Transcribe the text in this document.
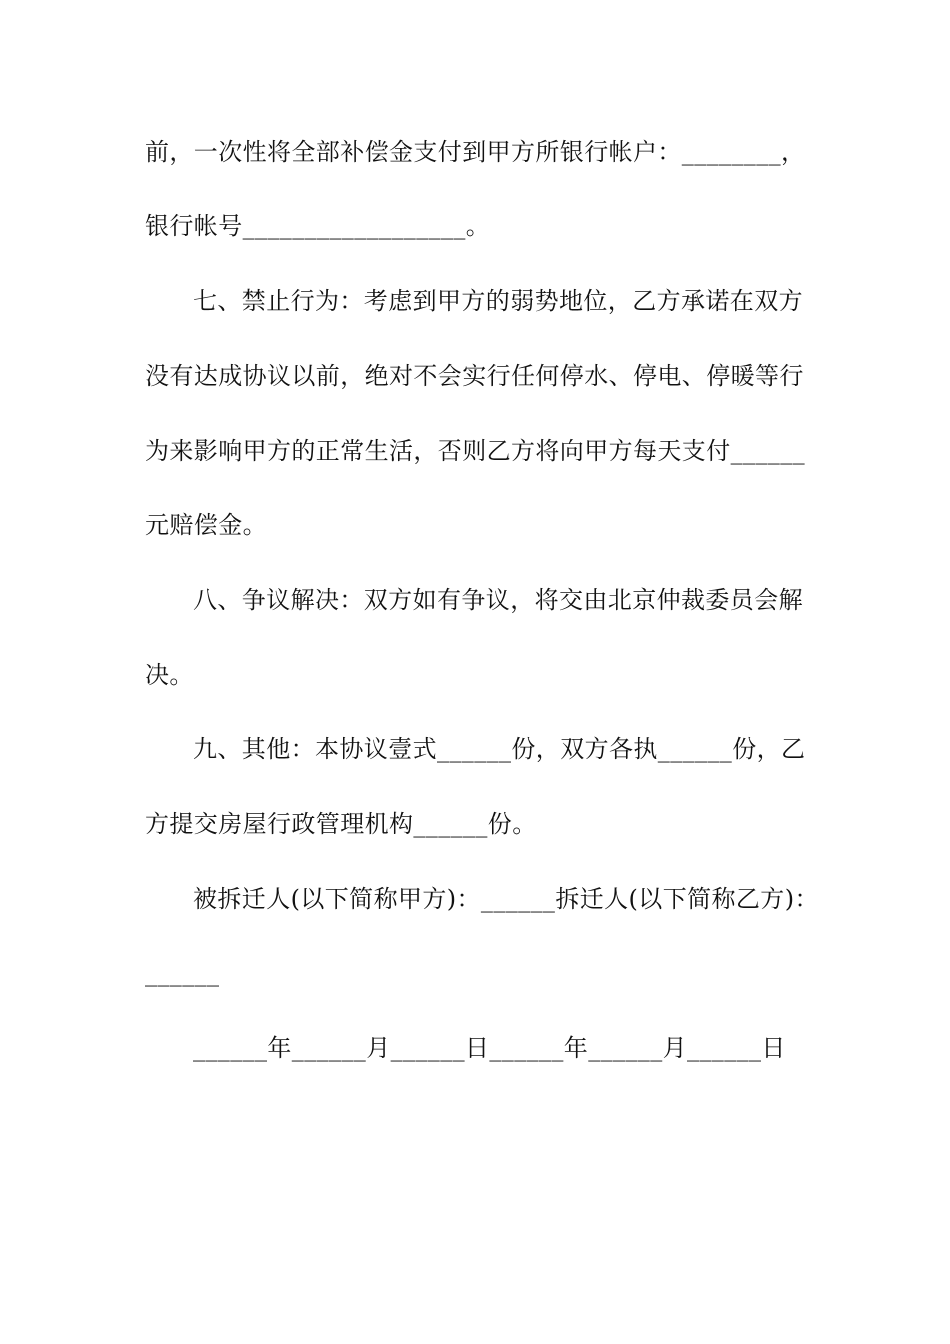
前，一次性将全部补偿金支付到甲方所银行帐户：________，
银行帐号__________________。
七、禁止行为：考虑到甲方的弱势地位，乙方承诺在双方
没有达成协议以前，绝对不会实行任何停水、停电、停暖等行
为来影响甲方的正常生活，否则乙方将向甲方每天支付______
元赔偿金。
八、争议解决：双方如有争议，将交由北京仲裁委员会解
决。
九、其他：本协议壹式______份，双方各执______份，乙
方提交房屋行政管理机构______份。
被拆迁人(以下简称甲方)：______拆迁人(以下简称乙方)：
______
______年______月______日______年______月______日
